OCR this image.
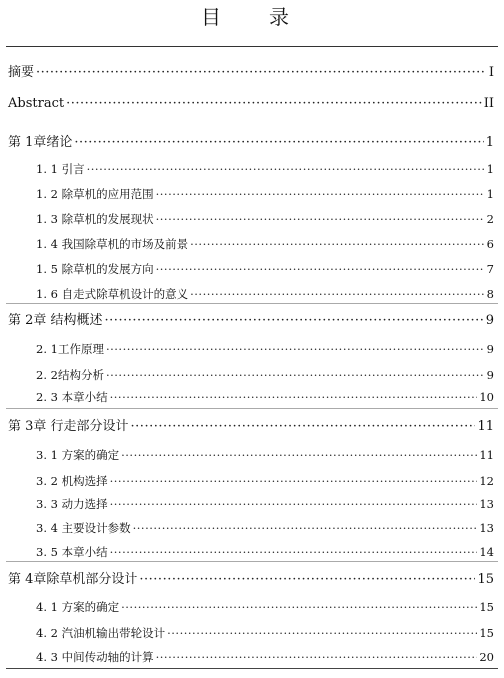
目　录
摘要 ·····	I
Abstract ·····	II
第 1章绪论 ·····	1
1. 1 引言 ·····	1
1. 2 除草机的应用范围 ·····	1
1. 3 除草机的发展现状 ·····	2
1. 4 我国除草机的市场及前景 ·····	6
1. 5 除草机的发展方向 ·····	7
1. 6 自走式除草机设计的意义 ·····	8
第 2章 结构概述 ·····	9
2. 1工作原理 ·····	9
2. 2结构分析 ·····	9
2. 3 本章小结 ·····	10
第 3章 行走部分设计 ·····	11
3. 1 方案的确定 ·····	11
3. 2 机构选择 ·····	12
3. 3 动力选择 ·····	13
3. 4 主要设计参数 ·····	13
3. 5 本章小结 ·····	14
第 4章除草机部分设计 ·····	15
4. 1 方案的确定 ·····	15
4. 2 汽油机输出带轮设计 ·····	15
4. 3 中间传动轴的计算 ·····	20
